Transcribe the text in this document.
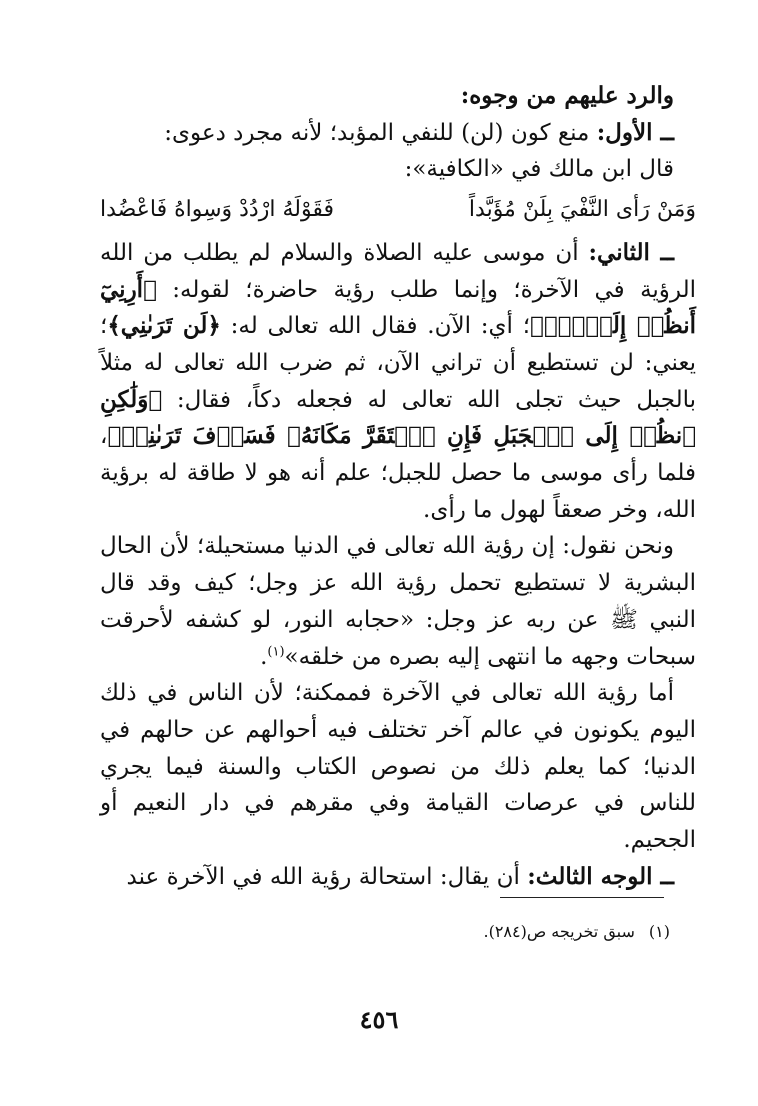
والرد عليهم من وجوه:

ــ الأول: منع كون (لن) للنفي المؤبد؛ لأنه مجرد دعوى:

قال ابن مالك في «الكافية»:

وَمَنْ رَأى النَّفْيَ بِلَنْ مُؤَبَّداً
فَقَوْلَهُ ارْدُدْ وَسِواهُ فَاعْضُدا

ــ الثاني: أن موسى عليه الصلاة والسلام لم يطلب من الله الرؤية في الآخرة؛ وإنما طلب رؤية حاضرة؛ لقوله: ﴿أَرِنِيٓ أَنظُرۡ إِلَيۡكَۚ﴾؛ أي: الآن. فقال الله تعالى له: ﴿لَن تَرَىٰنِي﴾؛ يعني: لن تستطيع أن تراني الآن، ثم ضرب الله تعالى له مثلاً بالجبل حيث تجلى الله تعالى له فجعله دكاً، فقال: ﴿وَلَٰكِنِ ٱنظُرۡ إِلَى ٱلۡجَبَلِ فَإِنِ ٱسۡتَقَرَّ مَكَانَهُۥ فَسَوۡفَ تَرَىٰنِيۚ﴾، فلما رأى موسى ما حصل للجبل؛ علم أنه هو لا طاقة له برؤية الله، وخر صعقاً لهول ما رأى.

ونحن نقول: إن رؤية الله تعالى في الدنيا مستحيلة؛ لأن الحال البشرية لا تستطيع تحمل رؤية الله عز وجل؛ كيف وقد قال النبي ﷺ عن ربه عز وجل: «حجابه النور، لو كشفه لأحرقت سبحات وجهه ما انتهى إليه بصره من خلقه»$^{(١)}$.

أما رؤية الله تعالى في الآخرة فممكنة؛ لأن الناس في ذلك اليوم يكونون في عالم آخر تختلف فيه أحوالهم عن حالهم في الدنيا؛ كما يعلم ذلك من نصوص الكتاب والسنة فيما يجري للناس في عرصات القيامة وفي مقرهم في دار النعيم أو الجحيم.

ــ الوجه الثالث: أن يقال: استحالة رؤية الله في الآخرة عند

(١)سبق تخريجه ص(٢٨٤).
٤٥٦
